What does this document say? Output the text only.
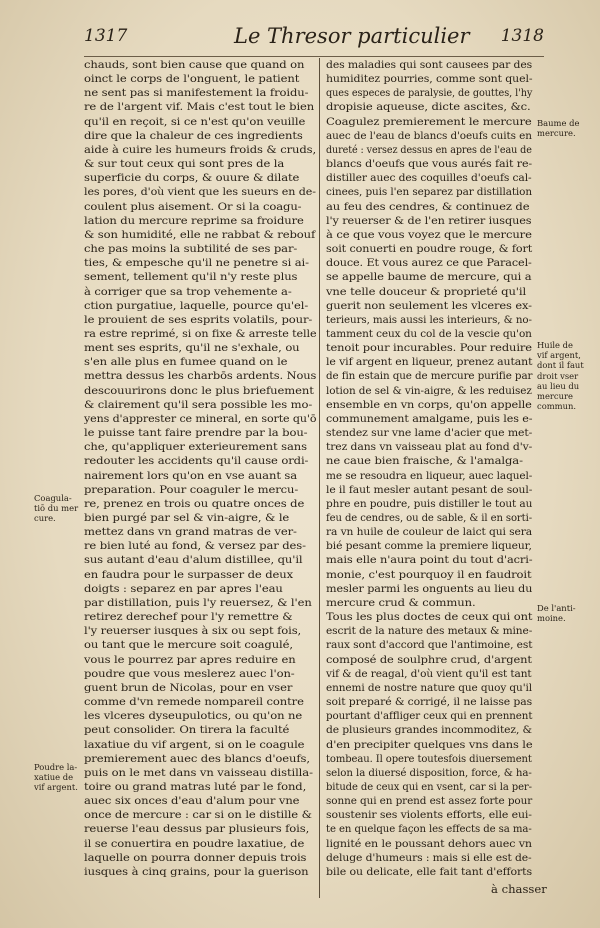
1317	Le Thresor particulier 1318
chauds, sont bien cause que quand on
oinct le corps de l'onguent, le patient
ne sent pas si manifestement la froidu-
re de l'argent vif. Mais c'est tout le bien
qu'il en reçoit, si ce n'est qu'on veuille
dire que la chaleur de ces ingredients
aide à cuire les humeurs froids & cruds,
& sur tout ceux qui sont pres de la
superficie du corps, & ouure & dilate
les pores, d'où vient que les sueurs en de-
coulent plus aisement. Or si la coagu-
lation du mercure reprime sa froidure
& son humidité, elle ne rabbat & rebouf
che pas moins la subtilité de ses par-
ties, & empesche qu'il ne penetre si ai-
sement, tellement qu'il n'y reste plus
à corriger que sa trop vehemente a-
ction purgatiue, laquelle, pource qu'el-
le prouient de ses esprits volatils, pour-
ra estre reprimé, si on fixe & arreste telle
ment ses esprits, qu'il ne s'exhale, ou
s'en alle plus en fumee quand on le
mettra dessus les charbōs ardents. Nous
descouurirons donc le plus briefuement
& clairement qu'il sera possible les mo-
yens d'apprester ce mineral, en sorte qu'ō
le puisse tant faire prendre par la bou-
che, qu'appliquer exterieurement sans
redouter les accidents qu'il cause ordi-
nairement lors qu'on en vse auant sa
preparation. Pour coaguler le mercu-
re, prenez en trois ou quatre onces de
bien purgé par sel & vin-aigre, & le
mettez dans vn grand matras de ver-
re bien luté au fond, & versez par des-
sus autant d'eau d'alum distillee, qu'il
en faudra pour le surpasser de deux
doigts : separez en par apres l'eau
par distillation, puis l'y reuersez, & l'en
retirez derechef pour l'y remettre &
l'y reuerser iusques à six ou sept fois,
ou tant que le mercure soit coagulé,
vous le pourrez par apres reduire en
poudre que vous meslerez auec l'on-
guent brun de Nicolas, pour en vser
comme d'vn remede nompareil contre
les vlceres dyseupulotics, ou qu'on ne
peut consolider. On tirera la faculté
laxatiue du vif argent, si on le coagule
premierement auec des blancs d'oeufs,
puis on le met dans vn vaisseau distilla-
toire ou grand matras luté par le fond,
auec six onces d'eau d'alum pour vne
once de mercure : car si on le distille &
reuerse l'eau dessus par plusieurs fois,
il se conuertira en poudre laxatiue, de
laquelle on pourra donner depuis trois
iusques à cinq grains, pour la guerison
des maladies qui sont causees par des
humiditez pourries, comme sont quel-
ques especes de paralysie, de gouttes, l'hy
dropisie aqueuse, dicte ascites, &c.
Coagulez premierement le mercure
auec de l'eau de blancs d'oeufs cuits en
dureté : versez dessus en apres de l'eau de
blancs d'oeufs que vous aurés fait re-
distiller auec des coquilles d'oeufs cal-
cinees, puis l'en separez par distillation
au feu des cendres, & continuez de
l'y reuerser & de l'en retirer iusques
à ce que vous voyez que le mercure
soit conuerti en poudre rouge, & fort
douce. Et vous aurez ce que Paracel-
se appelle baume de mercure, qui a
vne telle douceur & proprieté qu'il
guerit non seulement les vlceres ex-
terieurs, mais aussi les interieurs, & no-
tamment ceux du col de la vescie qu'on
tenoit pour incurables. Pour reduire
le vif argent en liqueur, prenez autant
de fin estain que de mercure purifie par
lotion de sel & vin-aigre, & les reduisez
ensemble en vn corps, qu'on appelle
communement amalgame, puis les e-
stendez sur vne lame d'acier que met-
trez dans vn vaisseau plat au fond d'v-
ne caue bien fraische, & l'amalga-
me se resoudra en liqueur, auec laquel-
le il faut mesler autant pesant de soul-
phre en poudre, puis distiller le tout au
feu de cendres, ou de sable, & il en sorti-
ra vn huile de couleur de laict qui sera
bié pesant comme la premiere liqueur,
mais elle n'aura point du tout d'acri-
monie, c'est pourquoy il en faudroit
mesler parmi les onguents au lieu du
mercure crud & commun.
Tous les plus doctes de ceux qui ont
escrit de la nature des metaux & mine-
raux sont d'accord que l'antimoine, est
composé de soulphre crud, d'argent
vif & de reagal, d'où vient qu'il est tant
ennemi de nostre nature que quoy qu'il
soit preparé & corrigé, il ne laisse pas
pourtant d'affliger ceux qui en prennent
de plusieurs grandes incommoditez, &
d'en precipiter quelques vns dans le
tombeau. Il opere toutesfois diuersement
selon la diuersé disposition, force, & ha-
bitude de ceux qui en vsent, car si la per-
sonne qui en prend est assez forte pour
soustenir ses violents efforts, elle eui-
te en quelque façon les effects de sa ma-
lignité en le poussant dehors auec vn
deluge d'humeurs : mais si elle est de-
bile ou delicate, elle fait tant d'efforts
Coagula-
tiō du mer
cure.
Poudre la-
xatiue de
vif argent.
Baume de
mercure.
Huile de
vif argent,
dont il faut
droit vser
au lieu du
mercure
commun.
De l'anti-
moine.
à chasser
